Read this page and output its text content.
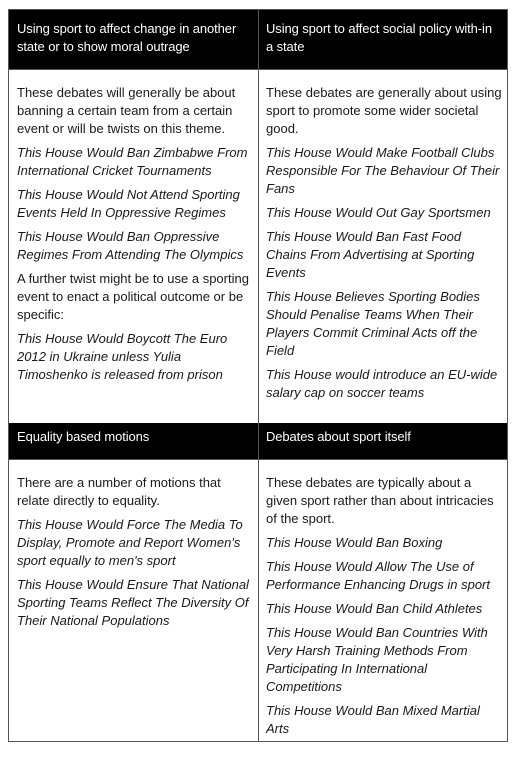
Using sport to affect change in another state or to show moral outrage
Using sport to affect social policy with-in a state

These debates will generally be about banning a certain team from a certain event or will be twists on this theme.

This House Would Ban Zimbabwe From International Cricket Tournaments

This House Would Not Attend Sporting Events Held In Oppressive Regimes

This House Would Ban Oppressive Regimes From Attending The Olympics

A further twist might be to use a sporting event to enact a political outcome or be specific:

This House Would Boycott The Euro 2012 in Ukraine unless Yulia Timoshenko is released from prison

These debates are generally about using sport to promote some wider societal good.

This House Would Make Football Clubs Responsible For The Behaviour Of Their Fans

This House Would Out Gay Sportsmen

This House Would Ban Fast Food Chains From Advertising at Sporting Events

This House Believes Sporting Bodies Should Penalise Teams When Their Players Commit Criminal Acts off the Field

This House would introduce an EU-wide salary cap on soccer teams

Equality based motions	Debates about sport itself

There are a number of motions that relate directly to equality.

This House Would Force The Media To Display, Promote and Report Women's sport equally to men's sport

This House Would Ensure That National Sporting Teams Reflect The Diversity Of Their National Populations

These debates are typically about a given sport rather than about intricacies of the sport.

This House Would Ban Boxing

This House Would Allow The Use of Performance Enhancing Drugs in sport

This House Would Ban Child Athletes

This House Would Ban Countries With Very Harsh Training Methods From Participating In International Competitions

This House Would Ban Mixed Martial Arts
